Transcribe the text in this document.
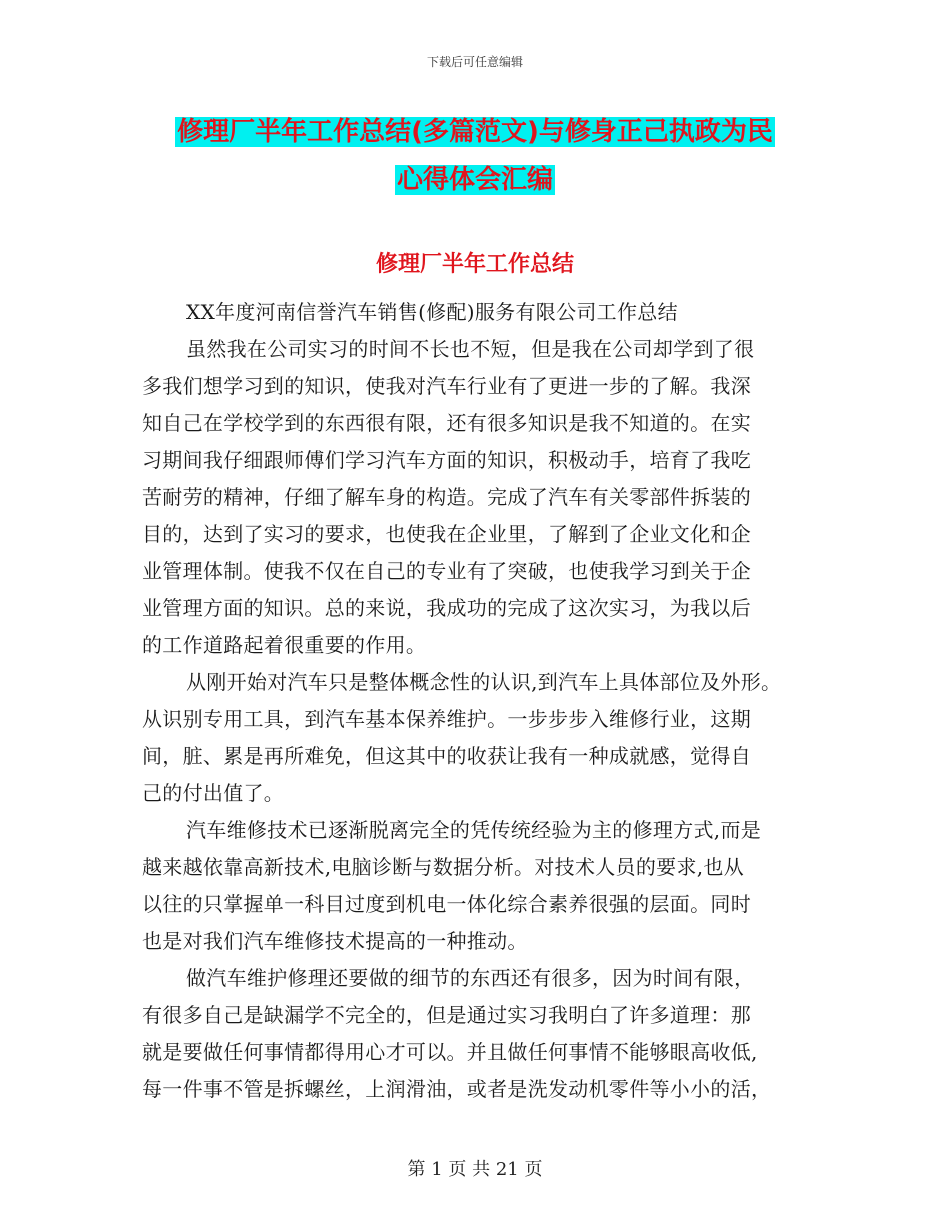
下载后可任意编辑
修理厂半年工作总结(多篇范文)与修身正己执政为民
心得体会汇编
修理厂半年工作总结
XX年度河南信誉汽车销售(修配)服务有限公司工作总结
虽然我在公司实习的时间不长也不短，但是我在公司却学到了很
多我们想学习到的知识，使我对汽车行业有了更进一步的了解。我深
知自己在学校学到的东西很有限，还有很多知识是我不知道的。在实
习期间我仔细跟师傅们学习汽车方面的知识，积极动手，培育了我吃
苦耐劳的精神，仔细了解车身的构造。完成了汽车有关零部件拆装的
目的，达到了实习的要求，也使我在企业里，了解到了企业文化和企
业管理体制。使我不仅在自己的专业有了突破，也使我学习到关于企
业管理方面的知识。总的来说，我成功的完成了这次实习，为我以后
的工作道路起着很重要的作用。
从刚开始对汽车只是整体概念性的认识,到汽车上具体部位及外形。
从识别专用工具，到汽车基本保养维护。一步步步入维修行业，这期
间，脏、累是再所难免，但这其中的收获让我有一种成就感，觉得自
己的付出值了。
汽车维修技术已逐渐脱离完全的凭传统经验为主的修理方式,而是
越来越依靠高新技术,电脑诊断与数据分析。对技术人员的要求,也从
以往的只掌握单一科目过度到机电一体化综合素养很强的层面。同时
也是对我们汽车维修技术提高的一种推动。
做汽车维护修理还要做的细节的东西还有很多，因为时间有限，
有很多自己是缺漏学不完全的，但是通过实习我明白了许多道理：那
就是要做任何事情都得用心才可以。并且做任何事情不能够眼高收低,
每一件事不管是拆螺丝，上润滑油，或者是洗发动机零件等小小的活，
第 1 页 共 21 页
